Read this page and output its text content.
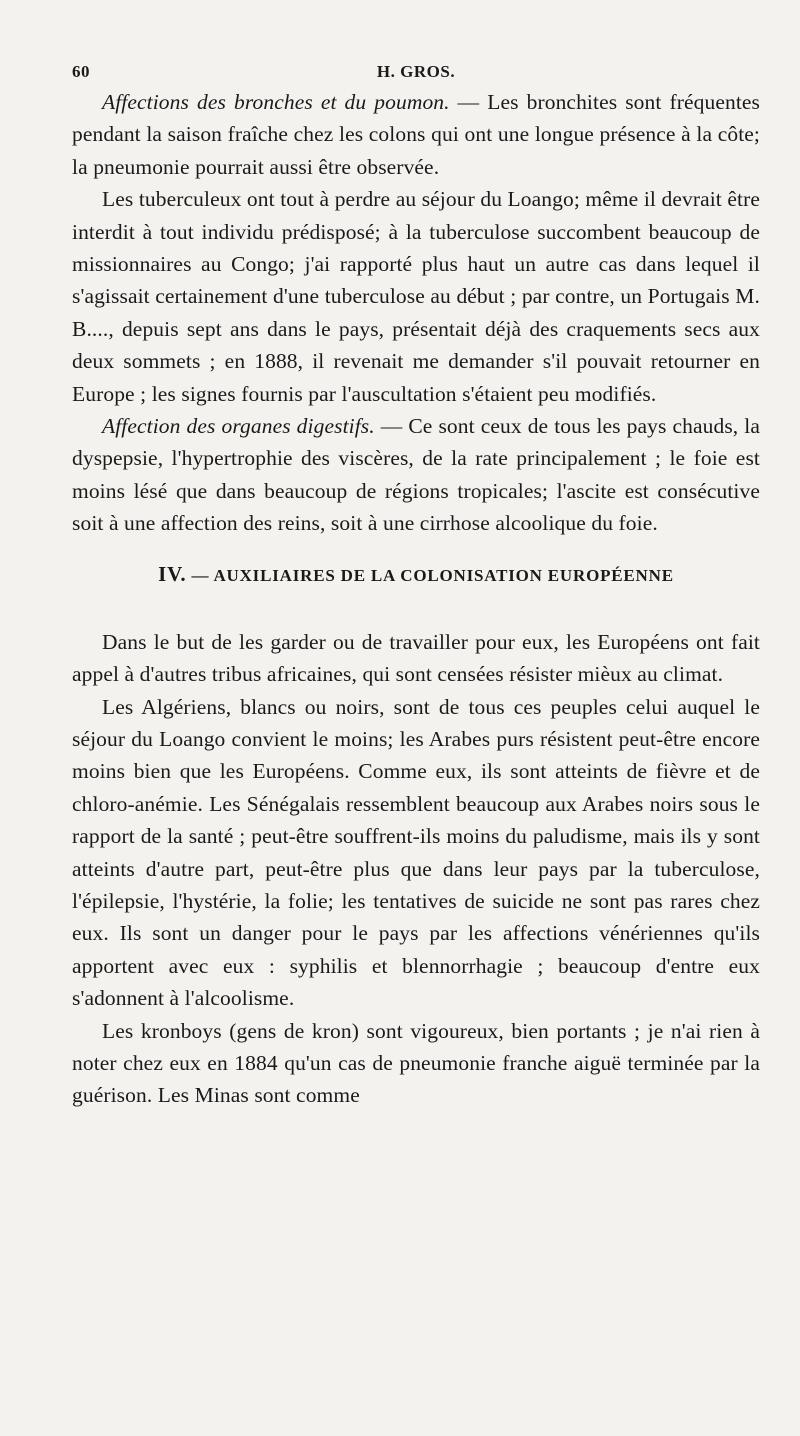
60	H. GROS.

Affections des bronches et du poumon. — Les bronchites sont fréquentes pendant la saison fraîche chez les colons qui ont une longue présence à la côte; la pneumonie pourrait aussi être observée.

Les tuberculeux ont tout à perdre au séjour du Loango; même il devrait être interdit à tout individu prédisposé; à la tuberculose succombent beaucoup de missionnaires au Congo; j'ai rapporté plus haut un autre cas dans lequel il s'agissait certainement d'une tuberculose au début ; par contre, un Portugais M. B...., depuis sept ans dans le pays, présentait déjà des craquements secs aux deux sommets ; en 1888, il revenait me demander s'il pouvait retourner en Europe ; les signes fournis par l'auscultation s'étaient peu modifiés.

Affection des organes digestifs. — Ce sont ceux de tous les pays chauds, la dyspepsie, l'hypertrophie des viscères, de la rate principalement ; le foie est moins lésé que dans beaucoup de régions tropicales; l'ascite est consécutive soit à une affection des reins, soit à une cirrhose alcoolique du foie.

IV. — AUXILIAIRES DE LA COLONISATION EUROPÉENNE

Dans le but de les garder ou de travailler pour eux, les Européens ont fait appel à d'autres tribus africaines, qui sont censées résister mièux au climat.

Les Algériens, blancs ou noirs, sont de tous ces peuples celui auquel le séjour du Loango convient le moins; les Arabes purs résistent peut-être encore moins bien que les Européens. Comme eux, ils sont atteints de fièvre et de chloro-anémie. Les Sénégalais ressemblent beaucoup aux Arabes noirs sous le rapport de la santé ; peut-être souffrent-ils moins du paludisme, mais ils y sont atteints d'autre part, peut-être plus que dans leur pays par la tuberculose, l'épilepsie, l'hystérie, la folie; les tentatives de suicide ne sont pas rares chez eux. Ils sont un danger pour le pays par les affections vénériennes qu'ils apportent avec eux : syphilis et blennorrhagie ; beaucoup d'entre eux s'adonnent à l'alcoolisme.

Les kronboys (gens de kron) sont vigoureux, bien portants ; je n'ai rien à noter chez eux en 1884 qu'un cas de pneumonie franche aiguë terminée par la guérison. Les Minas sont comme
